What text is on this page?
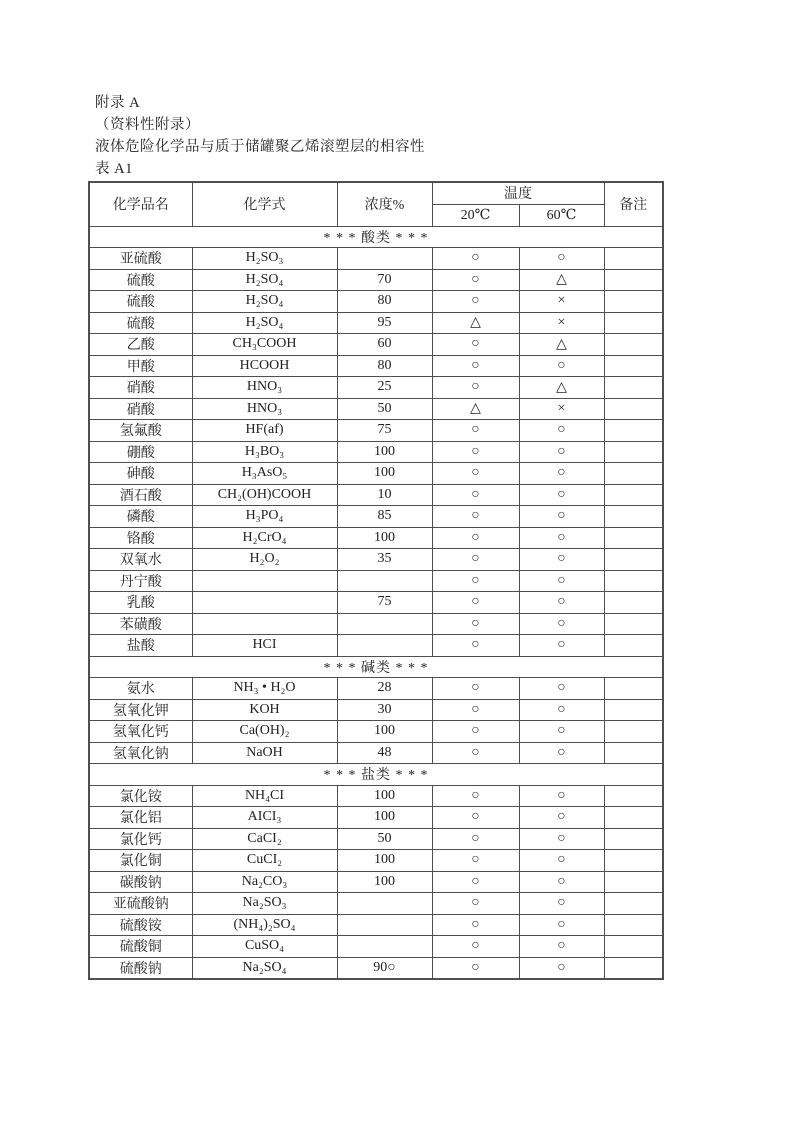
附录 A
（资料性附录）
液体危险化学品与质于储罐聚乙烯滚塑层的相容性
表 A1
化学品名	化学式	浓度%	温度		备注
			20℃	60℃	
* * * 酸类 * * *					
亚硫酸	H₂SO₃		○	○	
硫酸	H₂SO₄	70	○	△	
硫酸	H₂SO₄	80	○	×	
硫酸	H₂SO₄	95	△	×	
乙酸	CH₃COOH	60	○	△	
甲酸	HCOOH	80	○	○	
硝酸	HNO₃	25	○	△	
硝酸	HNO₃	50	△	×	
氢氟酸	HF(af)	75	○	○	
硼酸	H₃BO₃	100	○	○	
砷酸	H₃AsO₅	100	○	○	
酒石酸	CH₂(OH)COOH	10	○	○	
磷酸	H₃PO₄	85	○	○	
铬酸	H₂CrO₄	100	○	○	
双氧水	H₂O₂	35	○	○	
丹宁酸			○	○	
乳酸		75	○	○	
苯磺酸			○	○	
盐酸	HCI		○	○	
* * * 碱类 * * *					
氨水	NH₃ • H₂O	28	○	○	
氢氧化钾	KOH	30	○	○	
氢氧化钙	Ca(OH)₂	100	○	○	
氢氧化钠	NaOH	48	○	○	
* * * 盐类 * * *					
氯化铵	NH₄CI	100	○	○	
氯化铝	AICI₃	100	○	○	
氯化钙	CaCI₂	50	○	○	
氯化铜	CuCI₂	100	○	○	
碳酸钠	Na₂CO₃	100	○	○	
亚硫酸钠	Na₂SO₃		○	○	
硫酸铵	(NH₄)₂SO₄		○	○	
硫酸铜	CuSO₄		○	○	
硫酸钠	Na₂SO₄	90○	○	○	
